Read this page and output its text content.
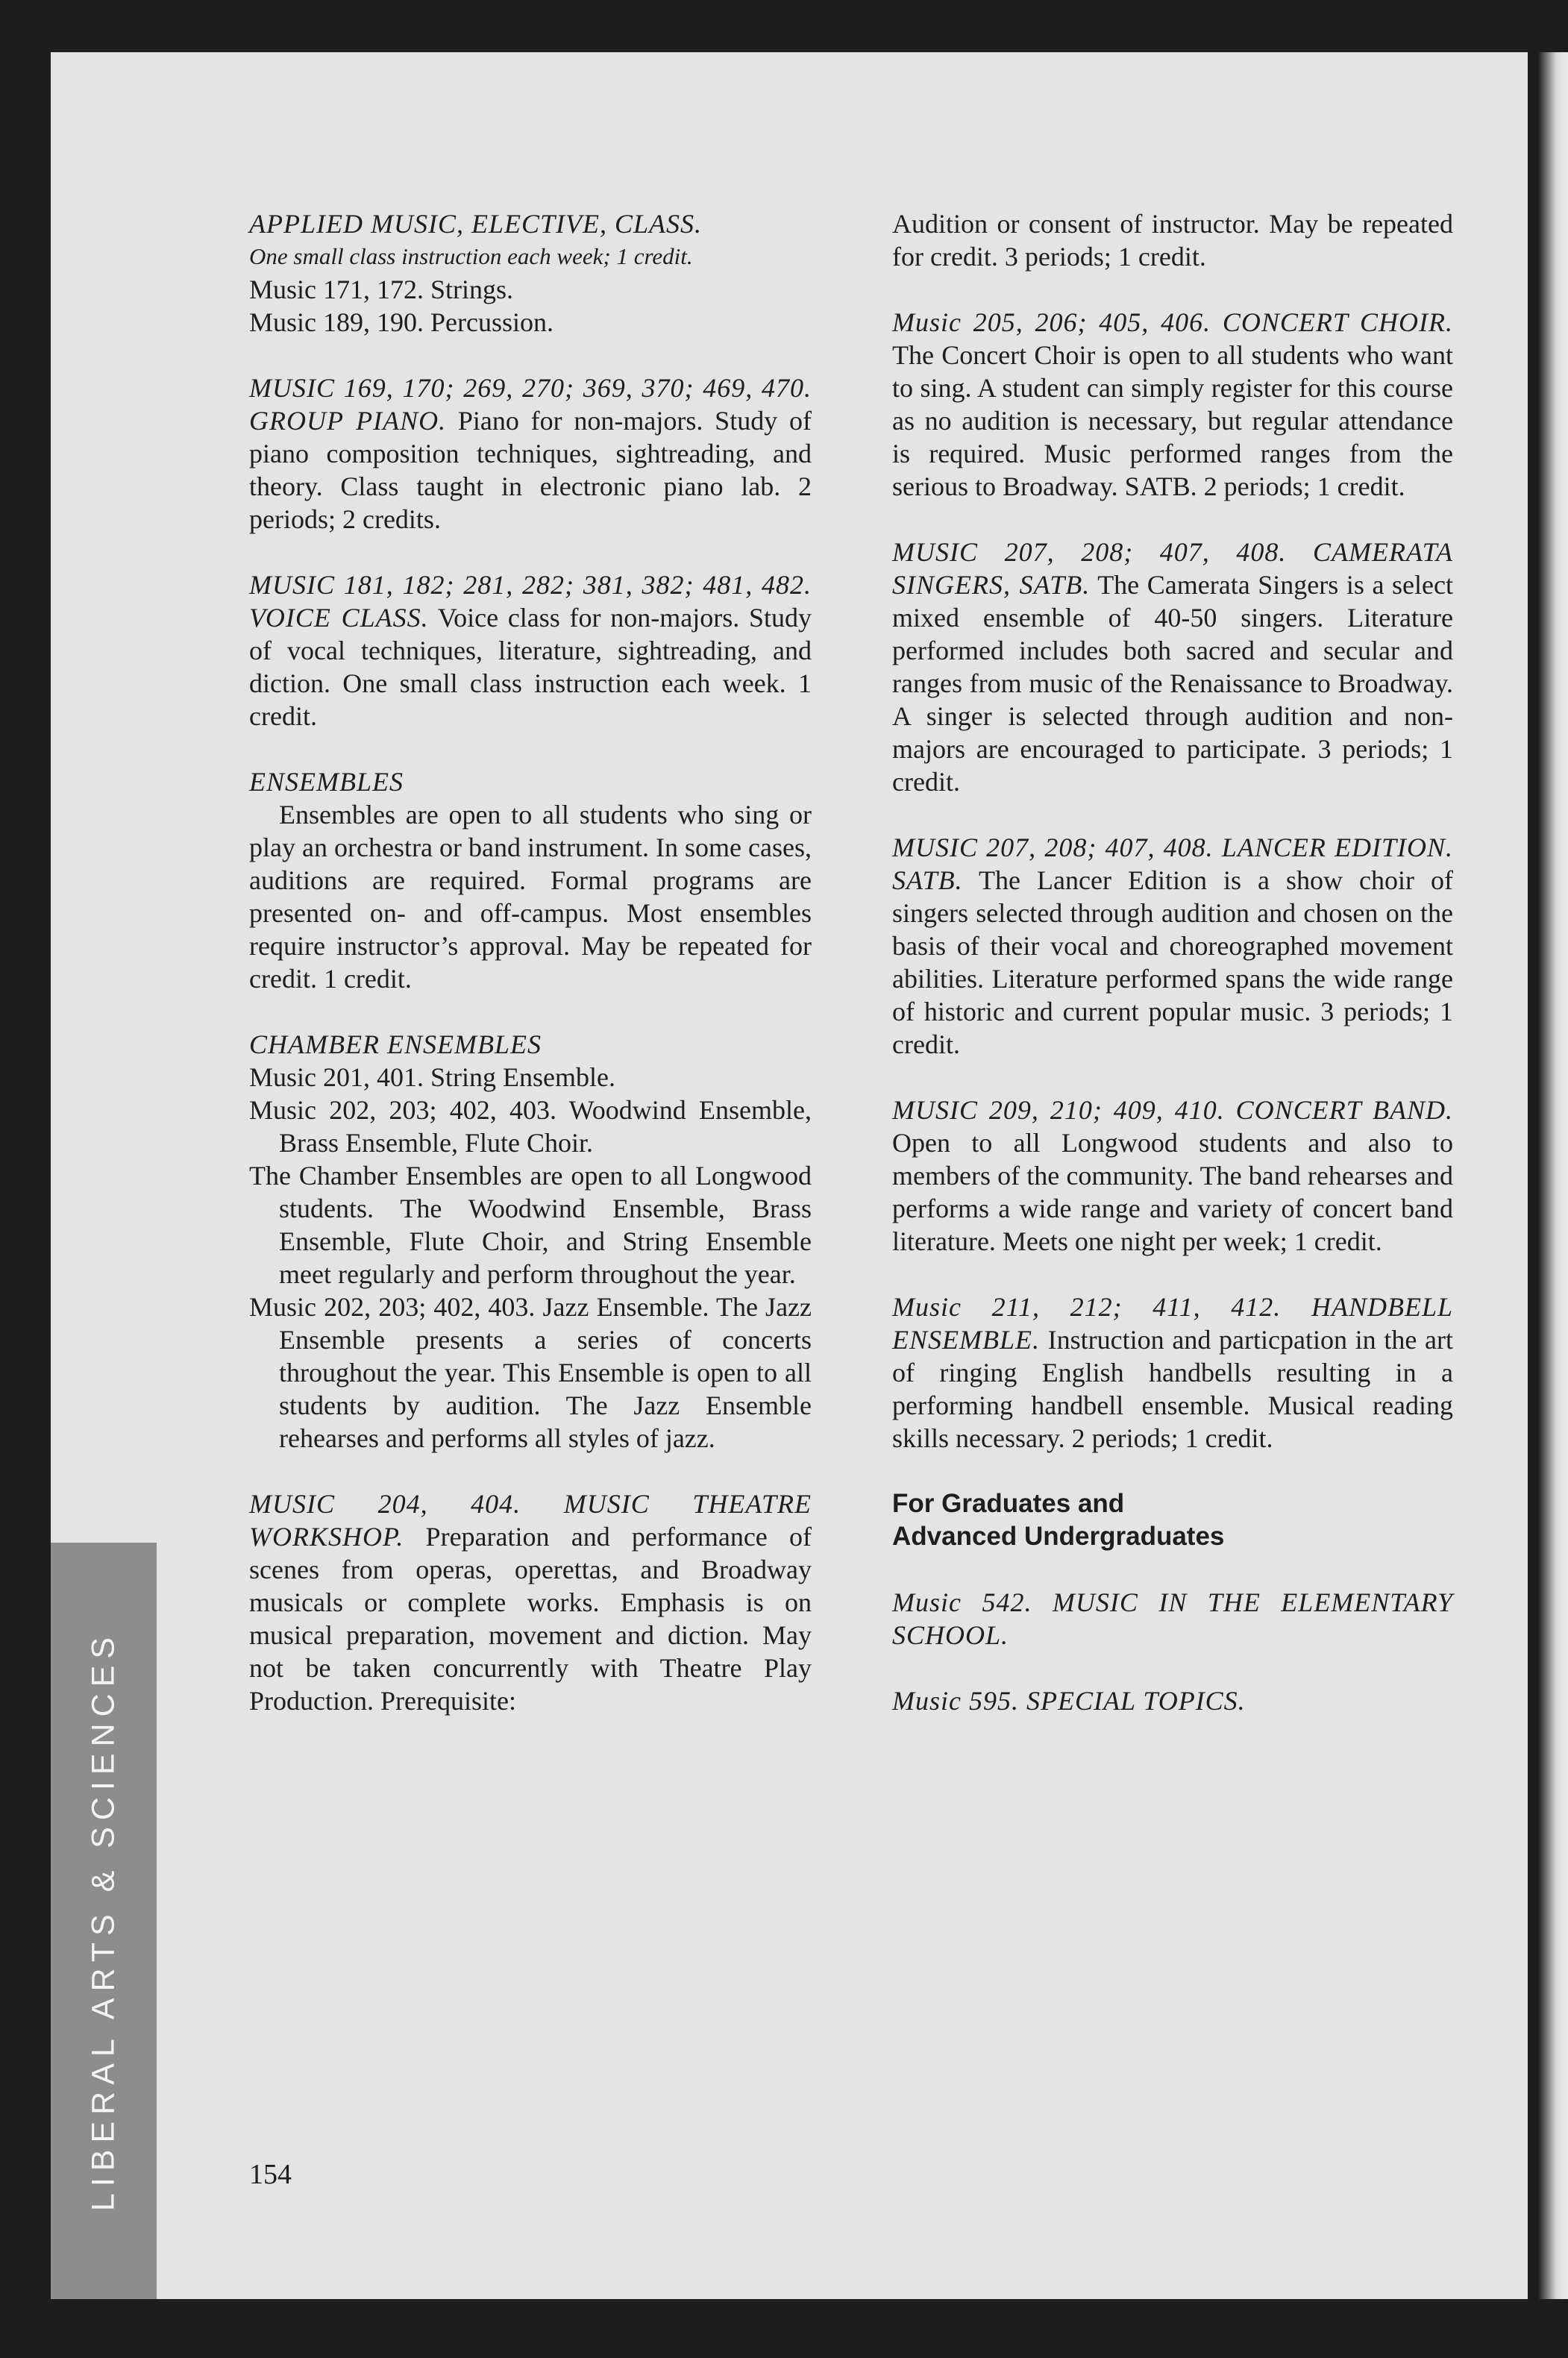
LIBERAL ARTS & SCIENCES
APPLIED MUSIC, ELECTIVE, CLASS.
One small class instruction each week; 1 credit.
Music 171, 172. Strings.
Music 189, 190. Percussion.

MUSIC 169, 170; 269, 270; 369, 370; 469, 470. GROUP PIANO. Piano for non-majors. Study of piano composition techniques, sightreading, and theory. Class taught in electronic piano lab. 2 periods; 2 credits.

MUSIC 181, 182; 281, 282; 381, 382; 481, 482. VOICE CLASS. Voice class for non-majors. Study of vocal techniques, literature, sightreading, and diction. One small class instruction each week. 1 credit.

ENSEMBLES

Ensembles are open to all students who sing or play an orchestra or band instrument. In some cases, auditions are required. Formal programs are presented on- and off-campus. Most ensembles require instructor’s approval. May be repeated for credit. 1 credit.

CHAMBER ENSEMBLES

Music 201, 401. String Ensemble.

Music 202, 203; 402, 403. Woodwind Ensemble, Brass Ensemble, Flute Choir.

The Chamber Ensembles are open to all Longwood students. The Woodwind Ensemble, Brass Ensemble, Flute Choir, and String Ensemble meet regularly and perform throughout the year.

Music 202, 203; 402, 403. Jazz Ensemble. The Jazz Ensemble presents a series of concerts throughout the year. This Ensemble is open to all students by audition. The Jazz Ensemble rehearses and performs all styles of jazz.

MUSIC 204, 404. MUSIC THEATRE WORKSHOP. Preparation and performance of scenes from operas, operettas, and Broadway musicals or complete works. Emphasis is on musical preparation, movement and diction. May not be taken concurrently with Theatre Play Production. Prerequisite:

Audition or consent of instructor. May be repeated for credit. 3 periods; 1 credit.

Music 205, 206; 405, 406. CONCERT CHOIR. The Concert Choir is open to all students who want to sing. A student can simply register for this course as no audition is necessary, but regular attendance is required. Music performed ranges from the serious to Broadway. SATB. 2 periods; 1 credit.

MUSIC 207, 208; 407, 408. CAMERATA SINGERS, SATB. The Camerata Singers is a select mixed ensemble of 40-50 singers. Literature performed includes both sacred and secular and ranges from music of the Renaissance to Broadway. A singer is selected through audition and non-majors are encouraged to participate. 3 periods; 1 credit.

MUSIC 207, 208; 407, 408. LANCER EDITION. SATB. The Lancer Edition is a show choir of singers selected through audition and chosen on the basis of their vocal and choreographed movement abilities. Literature performed spans the wide range of historic and current popular music. 3 periods; 1 credit.

MUSIC 209, 210; 409, 410. CONCERT BAND. Open to all Longwood students and also to members of the community. The band rehearses and performs a wide range and variety of concert band literature. Meets one night per week; 1 credit.

Music 211, 212; 411, 412. HANDBELL ENSEMBLE. Instruction and particpation in the art of ringing English handbells resulting in a performing handbell ensemble. Musical reading skills necessary. 2 periods; 1 credit.

For Graduates and
Advanced Undergraduates

Music 542. MUSIC IN THE ELEMENTARY SCHOOL.

Music 595. SPECIAL TOPICS.

154
